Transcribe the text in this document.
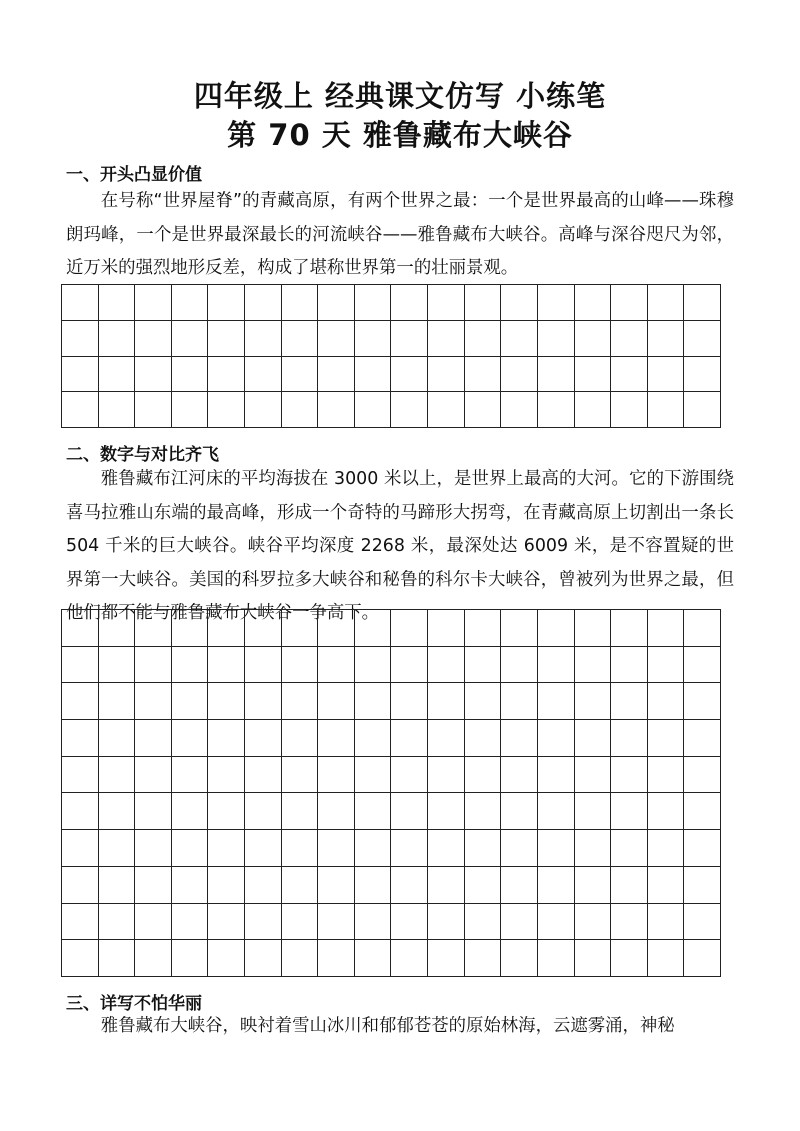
四年级上 经典课文仿写 小练笔
第 70 天 雅鲁藏布大峡谷
一、开头凸显价值

在号称“世界屋脊”的青藏高原，有两个世界之最：一个是世界最高的山峰——珠穆朗玛峰，一个是世界最深最长的河流峡谷——雅鲁藏布大峡谷。高峰与深谷咫尺为邻，近万米的强烈地形反差，构成了堪称世界第一的壮丽景观。

二、数字与对比齐飞

雅鲁藏布江河床的平均海拔在 3000 米以上，是世界上最高的大河。它的下游围绕喜马拉雅山东端的最高峰，形成一个奇特的马蹄形大拐弯，在青藏高原上切割出一条长 504 千米的巨大峡谷。峡谷平均深度 2268 米，最深处达 6009 米，是不容置疑的世界第一大峡谷。美国的科罗拉多大峡谷和秘鲁的科尔卡大峡谷，曾被列为世界之最，但他们都不能与雅鲁藏布大峡谷一争高下。

三、详写不怕华丽

雅鲁藏布大峡谷，映衬着雪山冰川和郁郁苍苍的原始林海，云遮雾涌，神秘
